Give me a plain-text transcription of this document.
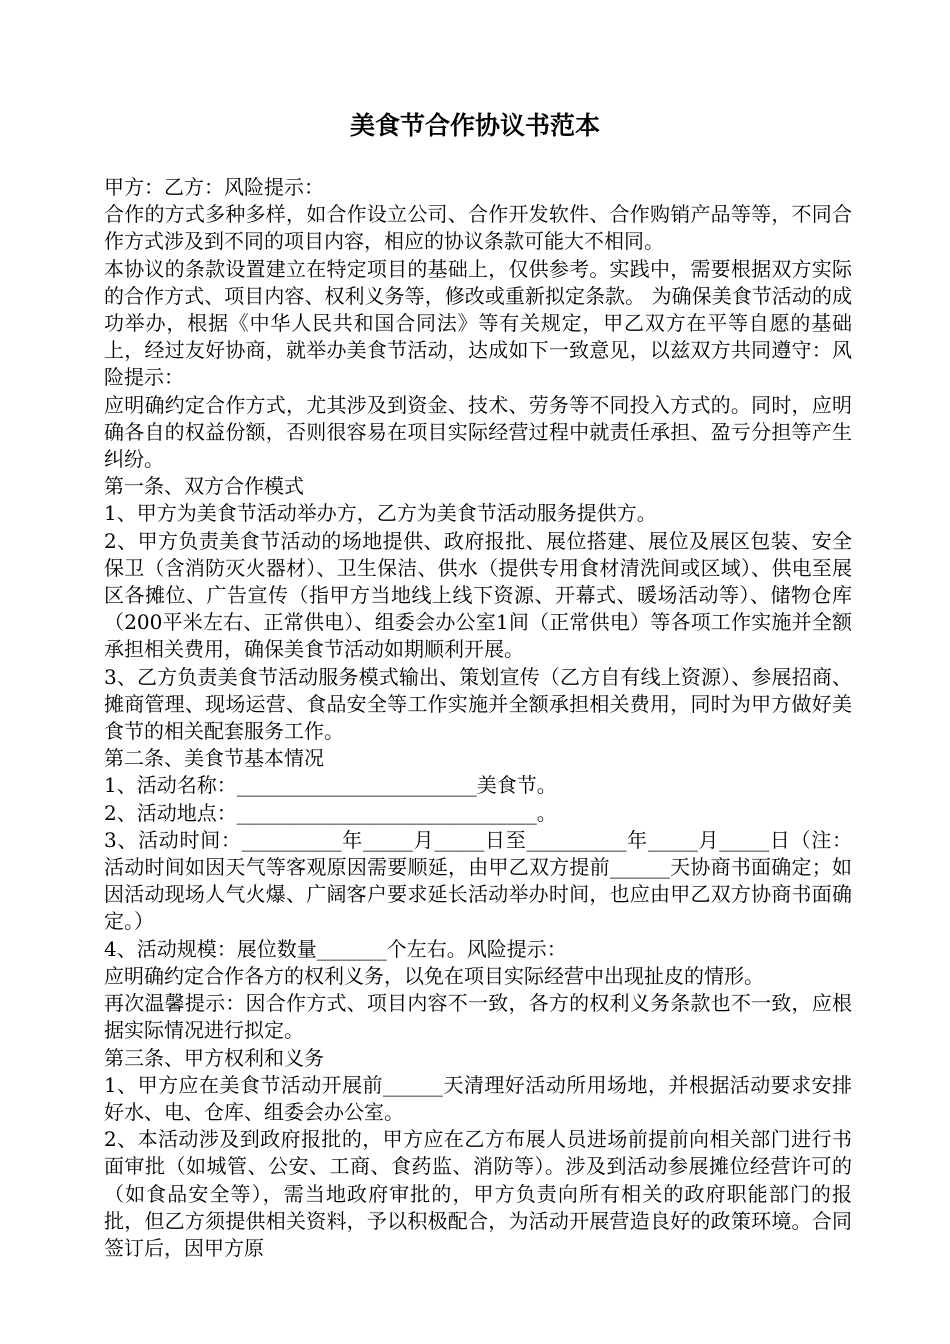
美食节合作协议书范本

甲方：乙方：风险提示：

合作的方式多种多样，如合作设立公司、合作开发软件、合作购销产品等等，不同合作方式涉及到不同的项目内容，相应的协议条款可能大不相同。

本协议的条款设置建立在特定项目的基础上，仅供参考。实践中，需要根据双方实际的合作方式、项目内容、权利义务等，修改或重新拟定条款。 为确保美食节活动的成功举办，根据《中华人民共和国合同法》等有关规定，甲乙双方在平等自愿的基础上，经过友好协商，就举办美食节活动，达成如下一致意见，以兹双方共同遵守：风险提示：

应明确约定合作方式，尤其涉及到资金、技术、劳务等不同投入方式的。同时，应明确各自的权益份额，否则很容易在项目实际经营过程中就责任承担、盈亏分担等产生纠纷。

第一条、双方合作模式

1、甲方为美食节活动举办方，乙方为美食节活动服务提供方。

2、甲方负责美食节活动的场地提供、政府报批、展位搭建、展位及展区包装、安全保卫（含消防灭火器材）、卫生保洁、供水（提供专用食材清洗间或区域）、供电至展区各摊位、广告宣传（指甲方当地线上线下资源、开幕式、暖场活动等）、储物仓库（200平米左右、正常供电）、组委会办公室1间（正常供电）等各项工作实施并全额承担相关费用，确保美食节活动如期顺利开展。

3、乙方负责美食节活动服务模式输出、策划宣传（乙方自有线上资源）、参展招商、摊商管理、现场运营、食品安全等工作实施并全额承担相关费用，同时为甲方做好美食节的相关配套服务工作。

第二条、美食节基本情况

1、活动名称：________________________美食节。

2、活动地点：______________________________。

3、活动时间：__________年_____月_____日至__________年_____月_____日（注：活动时间如因天气等客观原因需要顺延，由甲乙双方提前______天协商书面确定；如因活动现场人气火爆、广阔客户要求延长活动举办时间，也应由甲乙双方协商书面确定。）

4、活动规模：展位数量_______个左右。风险提示：

应明确约定合作各方的权利义务，以免在项目实际经营中出现扯皮的情形。

再次温馨提示：因合作方式、项目内容不一致，各方的权利义务条款也不一致，应根据实际情况进行拟定。

第三条、甲方权利和义务

1、甲方应在美食节活动开展前______天清理好活动所用场地，并根据活动要求安排好水、电、仓库、组委会办公室。

2、本活动涉及到政府报批的，甲方应在乙方布展人员进场前提前向相关部门进行书面审批（如城管、公安、工商、食药监、消防等）。涉及到活动参展摊位经营许可的（如食品安全等），需当地政府审批的，甲方负责向所有相关的政府职能部门的报批，但乙方须提供相关资料，予以积极配合，为活动开展营造良好的政策环境。合同签订后，因甲方原
